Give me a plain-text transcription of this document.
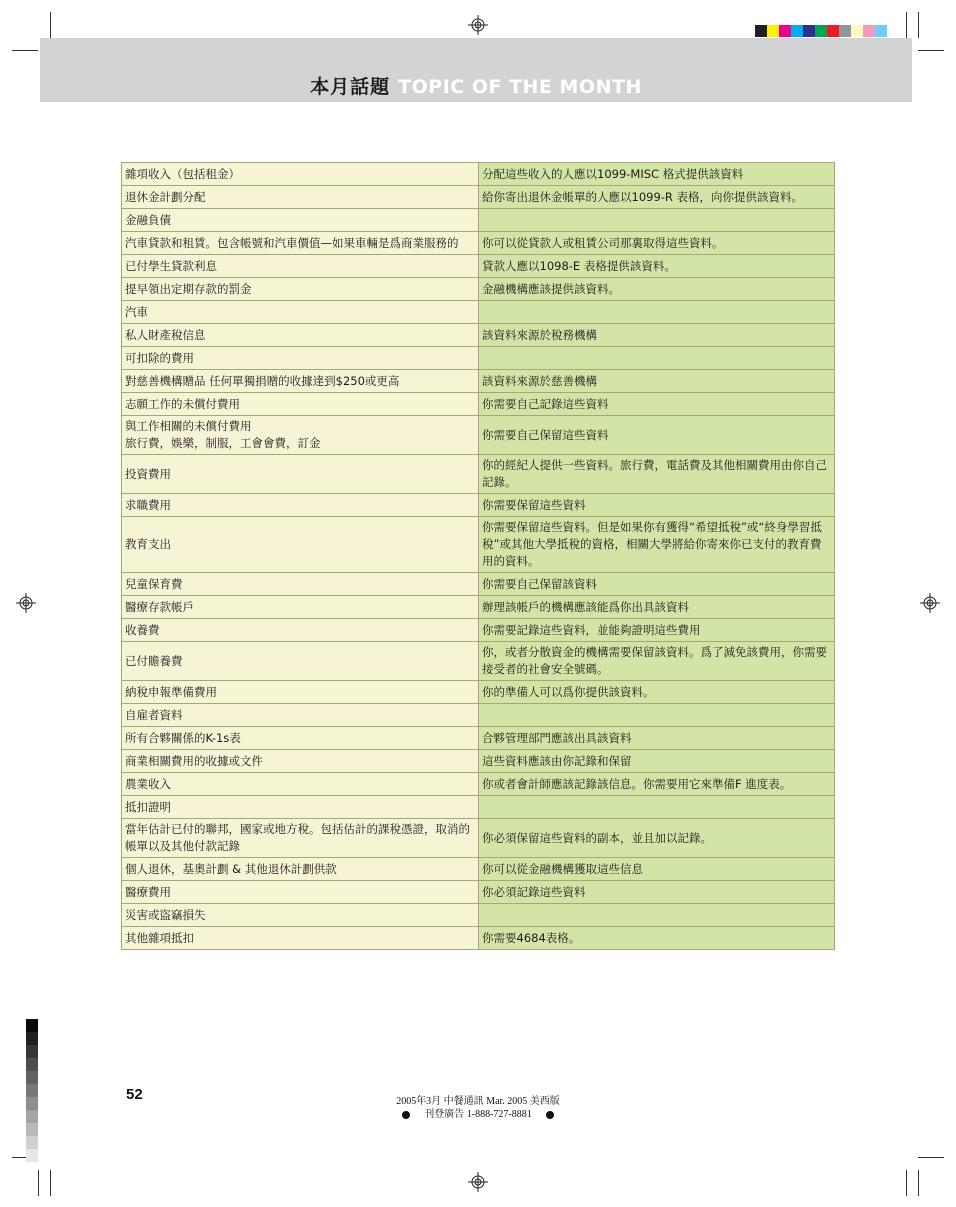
本月話題 TOPIC OF THE MONTH
雜項收入（包括租金）	分配這些收入的人應以1099-MISC 格式提供該資料
退休金計劃分配	給你寄出退休金帳單的人應以1099-R 表格，向你提供該資料。
金融負債	
汽車貸款和租賃。包含帳號和汽車價值—如果車輛是爲商業服務的	你可以從貸款人或租賃公司那裏取得這些資料。
已付學生貸款利息	貸款人應以1098-E 表格提供該資料。
提早領出定期存款的罰金	金融機構應該提供該資料。
汽車	
私人財產稅信息	該資料來源於稅務機構
可扣除的費用	
對慈善機構贈品 任何單獨捐贈的收據達到$250或更高	該資料來源於慈善機構
志願工作的未償付費用	你需要自己記錄這些資料
與工作相關的未償付費用
旅行費，娛樂，制服，工會會費，訂金	你需要自己保留這些資料
投資費用	你的經紀人提供一些資料。旅行費，電話費及其他相關費用由你自己記錄。
求職費用	你需要保留這些資料
教育支出	你需要保留這些資料。但是如果你有獲得“希望抵稅”或“終身學習抵稅”或其他大學抵稅的資格，相關大學將給你寄來你已支付的教育費用的資料。
兒童保育費	你需要自己保留該資料
醫療存款帳戶	辦理該帳戶的機構應該能爲你出具該資料
收養費	你需要記錄這些資料，並能夠證明這些費用
已付贍養費	你，或者分散資金的機構需要保留該資料。爲了減免該費用，你需要接受者的社會安全號碼。
納稅申報準備費用	你的準備人可以爲你提供該資料。
自雇者資料	
所有合夥關係的K-1s表	合夥管理部門應該出具該資料
商業相關費用的收據或文件	這些資料應該由你記錄和保留
農業收入	你或者會計師應該記錄該信息。你需要用它來準備F 進度表。
抵扣證明	
當年估計已付的聯邦，國家或地方稅。包括估計的課稅憑證，取消的帳單以及其他付款記錄	你必須保留這些資料的副本，並且加以記錄。
個人退休，基奧計劃 & 其他退休計劃供款	你可以從金融機構獲取這些信息
醫療費用	你必須記錄這些資料
災害或盜竊損失	
其他雜項抵扣	你需要4684表格。
52	2005年3月 中餐通訊 Mar. 2005 美西版
刊登廣告 1-888-727-8881
